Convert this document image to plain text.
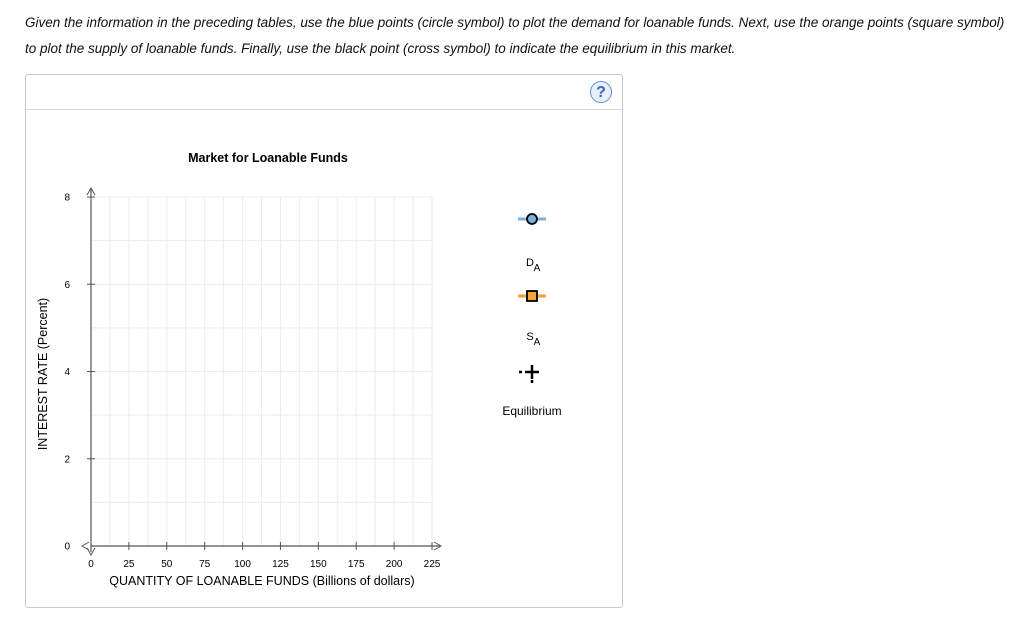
Given the information in the preceding tables, use the blue points (circle symbol) to plot the demand for loanable funds. Next, use the orange points (square symbol) to plot the supply of loanable funds. Finally, use the black point (cross symbol) to indicate the equilibrium in this market.
?
Market for Loanable Funds
0	25	50	75 100 125 150 175 200 225
0
2
4
6
8
QUANTITY OF LOANABLE FUNDS (Billions of dollars)
INTEREST RATE (Percent)
D A
S A
Equilibrium
